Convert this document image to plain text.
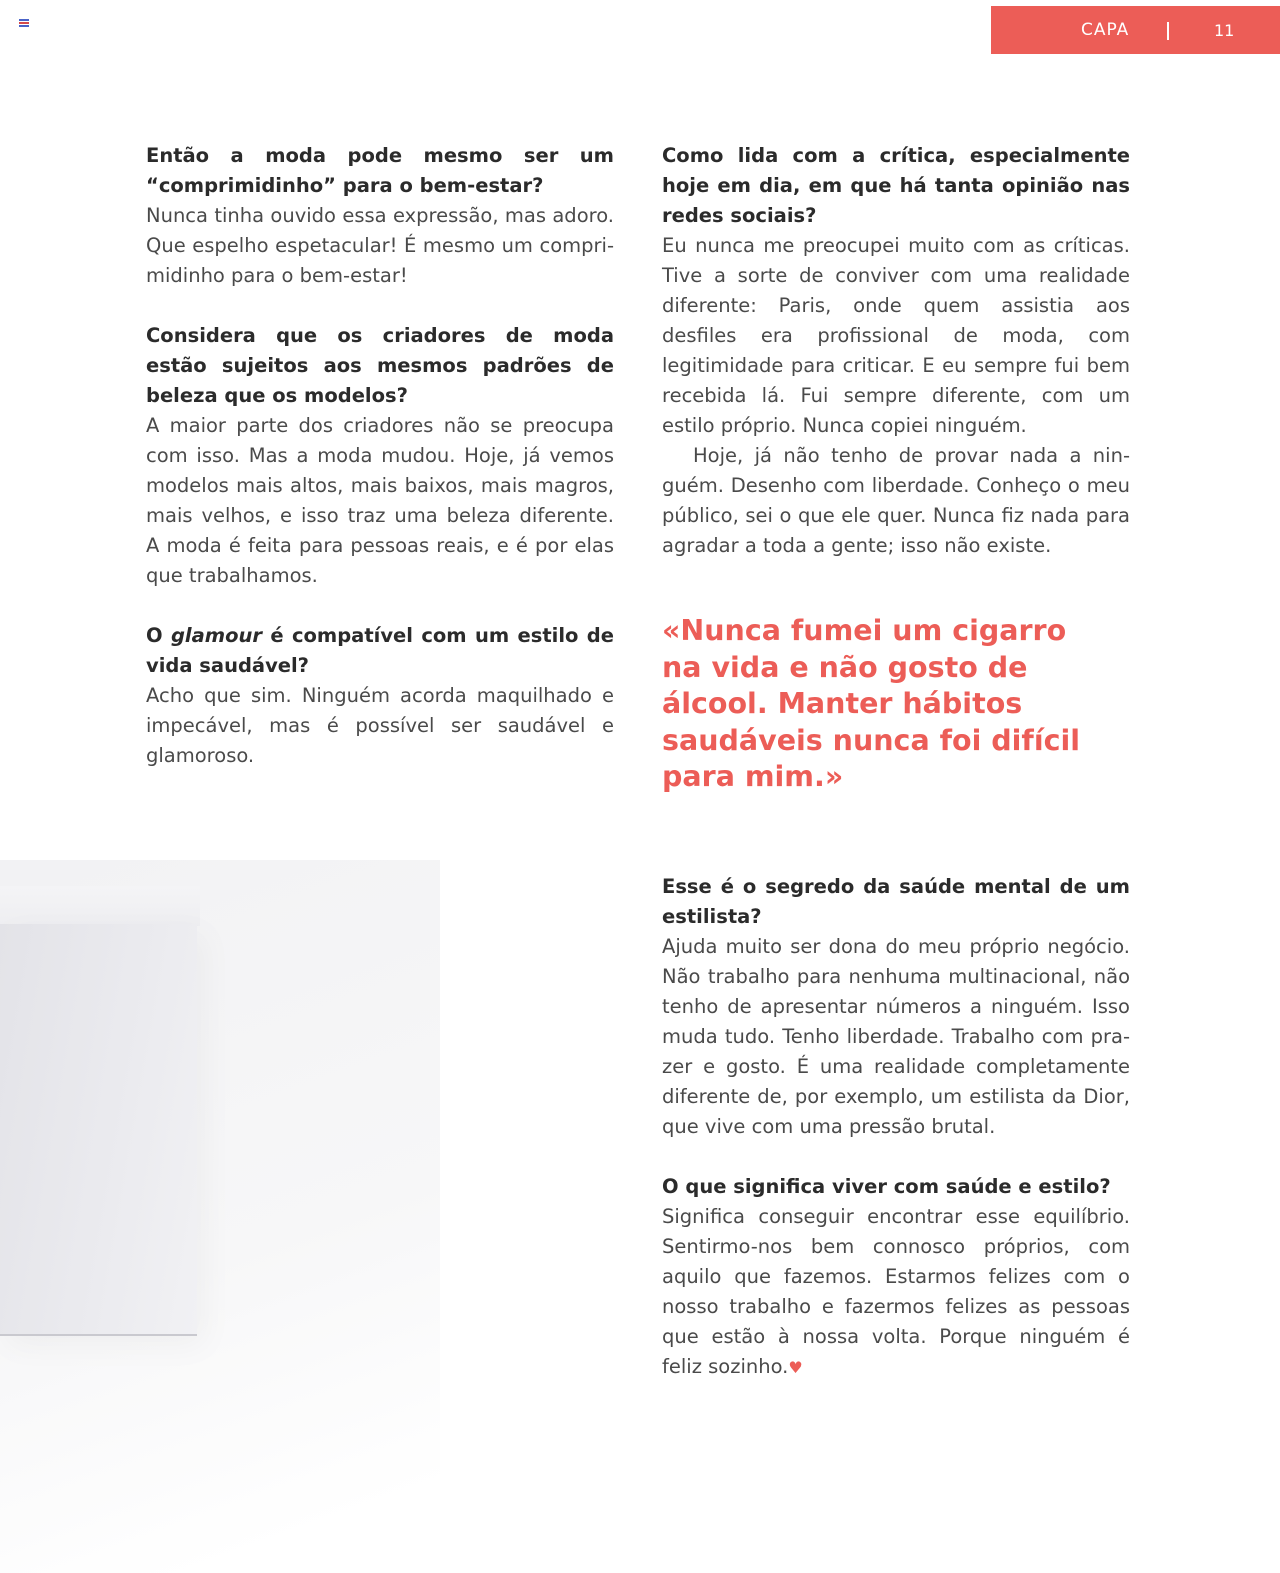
CAPA	11

Então a moda pode mesmo ser um “comprimidinho” para o bem-estar?

Nunca tinha ouvido essa expressão, mas adoro. Que espelho espetacular! É mesmo um comprimidinho para o bem-estar!

Considera que os criadores de moda estão sujeitos aos mesmos padrões de beleza que os modelos?

A maior parte dos criadores não se preocupa com isso. Mas a moda mudou. Hoje, já vemos modelos mais altos, mais baixos, mais magros, mais velhos, e isso traz uma beleza diferente. A moda é feita para pessoas reais, e é por elas que trabalhamos.

O glamour é compatível com um estilo de vida saudável?

Acho que sim. Ninguém acorda maquilhado e impecável, mas é possível ser saudável e glamoroso.

Como lida com a crítica, especialmente hoje em dia, em que há tanta opinião nas redes sociais?

Eu nunca me preocupei muito com as críticas. Tive a sorte de conviver com uma realidade diferente: Paris, onde quem assistia aos desfiles era profissional de moda, com legitimidade para criticar. E eu sempre fui bem recebida lá. Fui sempre diferente, com um estilo próprio. Nunca copiei ninguém.

Hoje, já não tenho de provar nada a ninguém. Desenho com liberdade. Conheço o meu público, sei o que ele quer. Nunca fiz nada para agradar a toda a gente; isso não existe.

«Nunca fumei um cigarro na vida e não gosto de álcool. Manter hábitos saudáveis nunca foi difícil para mim.»

Esse é o segredo da saúde mental de um estilista?

Ajuda muito ser dona do meu próprio negócio. Não trabalho para nenhuma multinacional, não tenho de apresentar números a ninguém. Isso muda tudo. Tenho liberdade. Trabalho com prazer e gosto. É uma realidade completamente diferente de, por exemplo, um estilista da Dior, que vive com uma pressão brutal.

O que significa viver com saúde e estilo?

Significa conseguir encontrar esse equilíbrio. Sentirmo-nos bem connosco próprios, com aquilo que fazemos. Estarmos felizes com o nosso trabalho e fazermos felizes as pessoas que estão à nossa volta. Porque ninguém é feliz sozinho.♥
